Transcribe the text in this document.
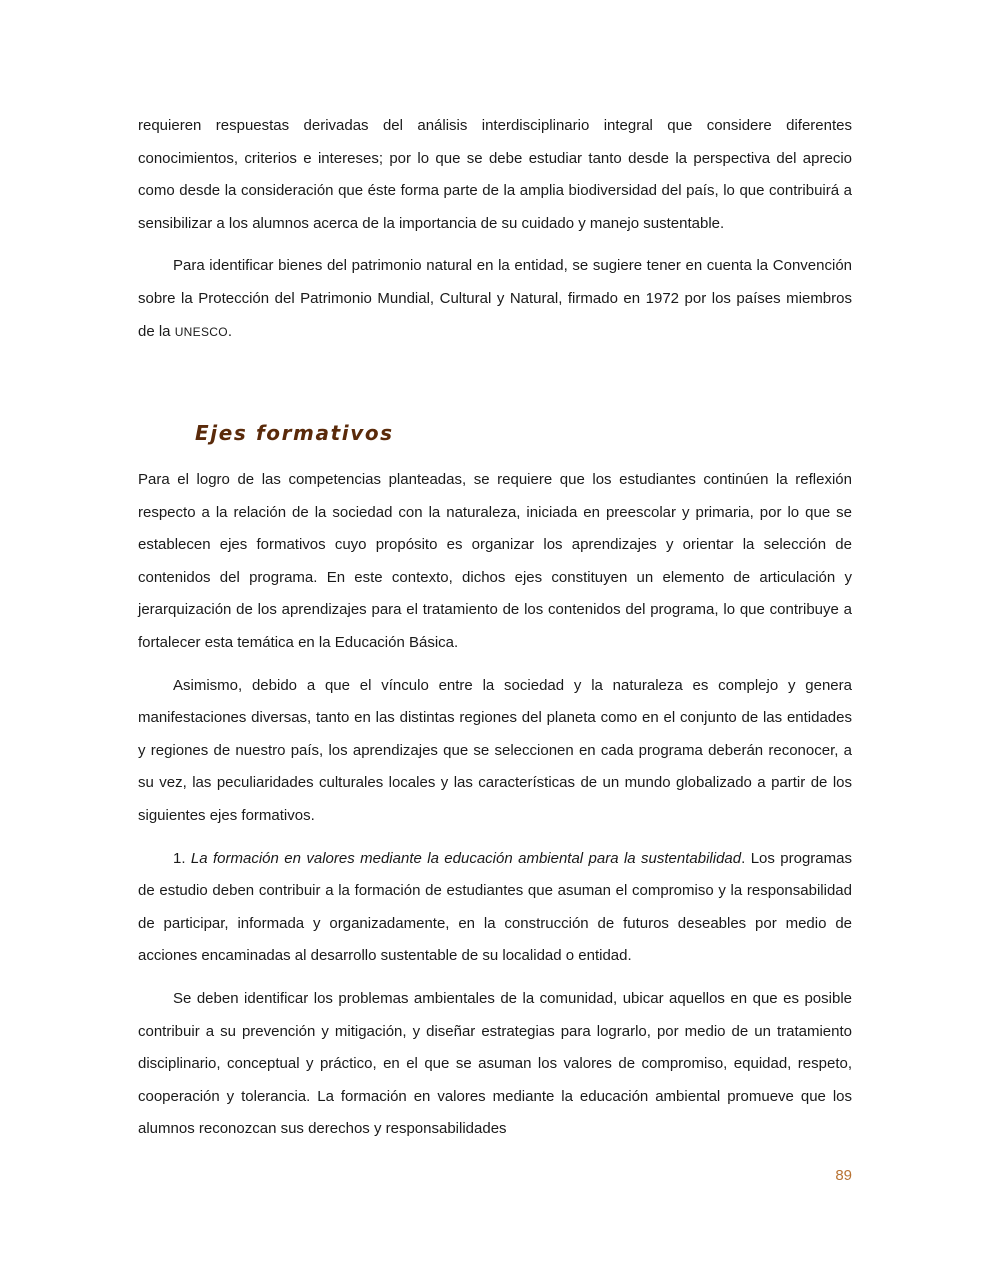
requieren respuestas derivadas del análisis interdisciplinario integral que considere diferentes conocimientos, criterios e intereses; por lo que se debe estudiar tanto desde la perspectiva del aprecio como desde la consideración que éste forma parte de la amplia biodiversidad del país, lo que contribuirá a sensibilizar a los alumnos acerca de la importancia de su cuidado y manejo sustentable.

Para identificar bienes del patrimonio natural en la entidad, se sugiere tener en cuenta la Convención sobre la Protección del Patrimonio Mundial, Cultural y Natural, firmado en 1972 por los países miembros de la UNESCO.

Ejes formativos

Para el logro de las competencias planteadas, se requiere que los estudiantes continúen la reflexión respecto a la relación de la sociedad con la naturaleza, iniciada en preescolar y primaria, por lo que se establecen ejes formativos cuyo propósito es organizar los aprendizajes y orientar la selección de contenidos del programa. En este contexto, dichos ejes constituyen un elemento de articulación y jerarquización de los aprendizajes para el tratamiento de los contenidos del programa, lo que contribuye a fortalecer esta temática en la Educación Básica.

Asimismo, debido a que el vínculo entre la sociedad y la naturaleza es complejo y genera manifestaciones diversas, tanto en las distintas regiones del planeta como en el conjunto de las entidades y regiones de nuestro país, los aprendizajes que se seleccionen en cada programa deberán reconocer, a su vez, las peculiaridades culturales locales y las características de un mundo globalizado a partir de los siguientes ejes formativos.

1. La formación en valores mediante la educación ambiental para la sustentabilidad. Los programas de estudio deben contribuir a la formación de estudiantes que asuman el compromiso y la responsabilidad de participar, informada y organizadamente, en la construcción de futuros deseables por medio de acciones encaminadas al desarrollo sustentable de su localidad o entidad.

Se deben identificar los problemas ambientales de la comunidad, ubicar aquellos en que es posible contribuir a su prevención y mitigación, y diseñar estrategias para lograrlo, por medio de un tratamiento disciplinario, conceptual y práctico, en el que se asuman los valores de compromiso, equidad, respeto, cooperación y tolerancia. La formación en valores mediante la educación ambiental promueve que los alumnos reconozcan sus derechos y responsabilidades

89
